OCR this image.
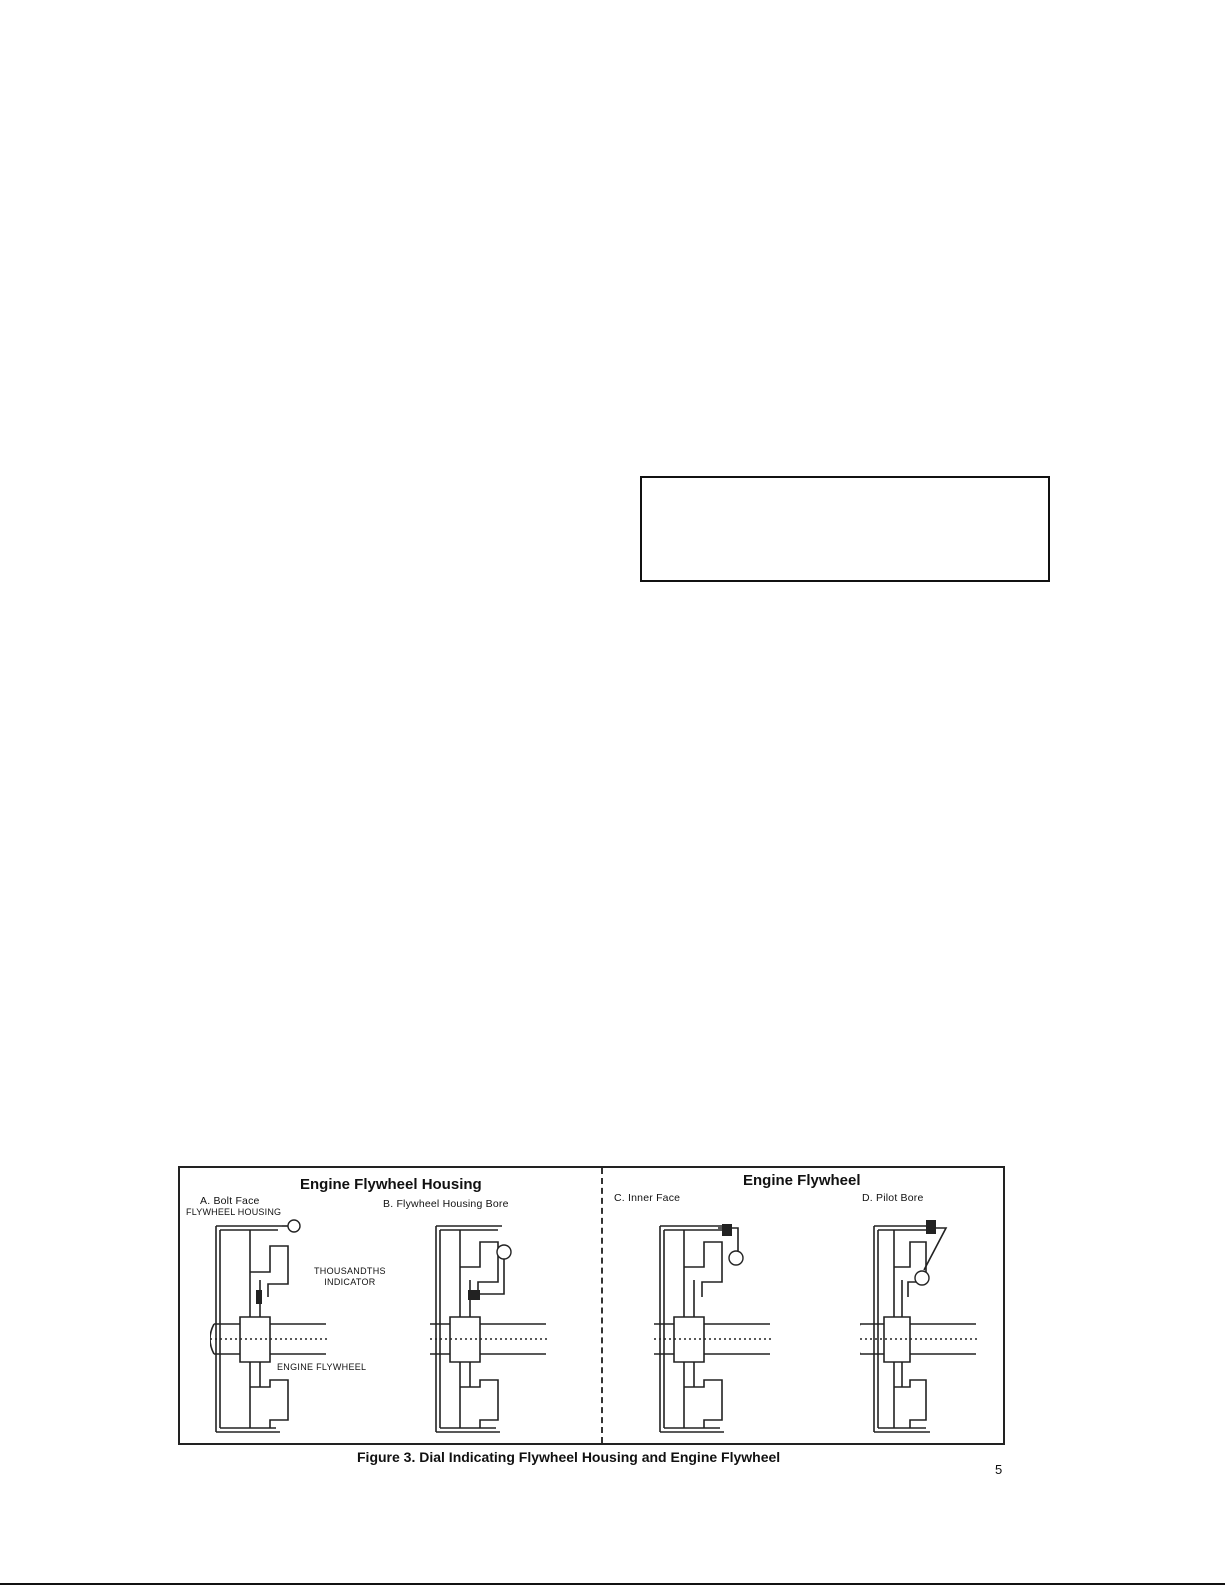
Engine Flywheel Housing	Engine Flywheel
A. Bolt Face
FLYWHEEL HOUSING
B. Flywheel Housing Bore	C. Inner Face	D. Pilot Bore
THOUSANDTHS
INDICATOR
ENGINE FLYWHEEL
Figure 3. Dial Indicating Flywheel Housing and Engine Flywheel
5
